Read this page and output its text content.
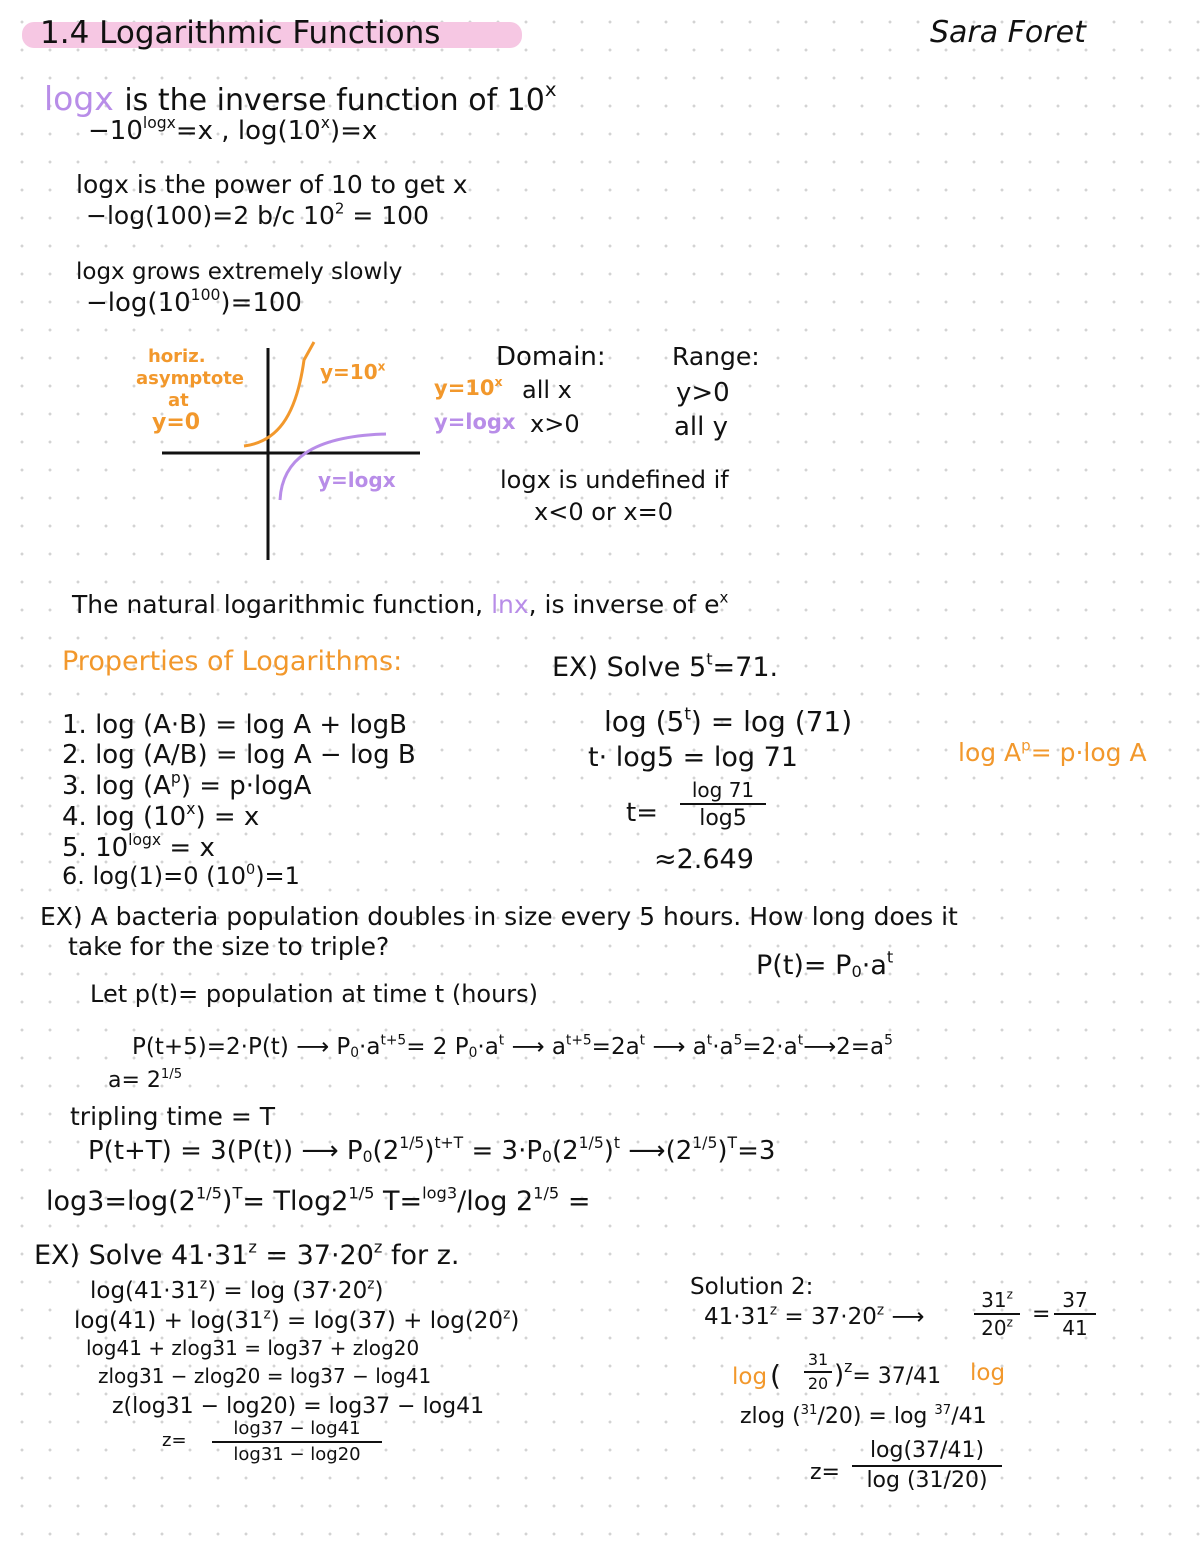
1.4 Logarithmic Functions	Sara Foret
logx is the inverse function of $10^x$
$-10^{logx}=x$ , $\log(10^x)=x$
logx is the power of 10 to get x
−log(100)=2 b/c $10^2 = 100$
logx grows extremely slowly
$-\log(10^{100})=100$
horiz.
asymptote
at
y=0
$y=10^x$
y=logx
Domain:	Range:
$y=10^x$ all x	y>0
y=logx x>0	all y
logx is undefined if
x<0 or x=0
The natural logarithmic function, lnx, is inverse of $e^x$
Properties of Logarithms:
1. log (A·B) = log A + logB
2. log (A/B) = log A − log B
3. $\log (A^p) = p\cdot\log A$
4. $\log (10^x) = x$
5. $10^{logx} = x$
6. log(1)=0 $(10^0)=1$
EX) Solve $5^t=71$.
$\log (5^t) = \log (71)$
t· log5 = log 71
t=
log 71
log5
≈2.649
$\log A^p= p\cdot\log$ A
EX) A bacteria population doubles in size every 5 hours. How long does it
take for the size to triple?
$P(t)= P_0\cdot a^t$
Let p(t)= population at time t (hours)
P(t+5)=2·P(t) ⟶ $P_0\cdot a^{t+5}= 2$ $P_0\cdot a^t$ ⟶ $a^{t+5}=2a^t$ ⟶ $a^t\cdot a^5=2\cdot a^t⟶2=a^5$
$a= 2^{1/5}$
tripling time = T
P(t+T) = 3(P(t)) ⟶ $P_0(2^{1/5})^{t+T} = 3\cdot P_0(2^{1/5})^t$ $⟶(2^{1/5})^T=3$
$\log 3=\log(2^{1/5})^T= Tlog2^{1/5}$ T=$^{log3}$/log $2^{1/5}$ =
EX) Solve $41\cdot 31^z = 37\cdot 20^z$ for z.
$\log(41\cdot 31^z) = \log (37\cdot 20^z)$
$\log(41) + \log(31^z) = \log(37) + \log(20^z)$
log41 + zlog31 = log37 + zlog20
zlog31 − zlog20 = log37 − log41
z(log31 − log20) = log37 − log41
z=
log37 − log41
log31 − log20
Solution 2:
$41\cdot 31^z = 37\cdot 20^z$ ⟶
31$^z$
$20^z$ =
37
41
log ( 31
20 )$^z$= 37/41 log
zlog ($^{31}$/20) = log $^{37}$/41
z=
log(37/41)
log (31/20)
